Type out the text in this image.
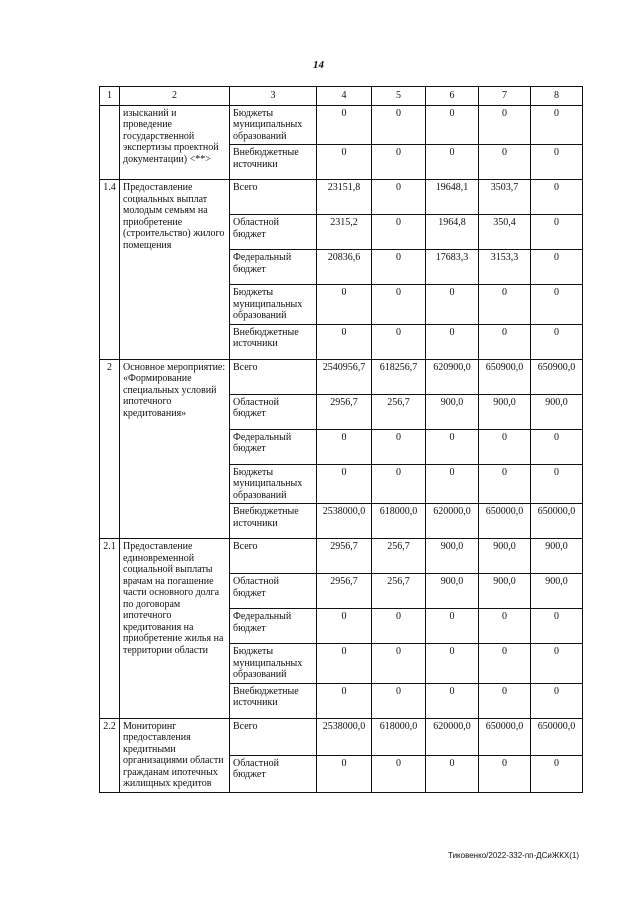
14
1	2	3	4	5	6	7	8
	изысканий и проведение государственной экспертизы проектной документации) <**>	Бюджеты муниципальных образований	0	0	0	0	0
		Внебюджетные источники	0	0	0	0	0
1.4	Предоставление социальных выплат молодым семьям на приобретение (строительство) жилого помещения	Всего	23151,8	0	19648,1	3503,7	0
		Областной бюджет	2315,2	0	1964,8	350,4	0
		Федеральный бюджет	20836,6	0	17683,3	3153,3	0
		Бюджеты муниципальных образований	0	0	0	0	0
		Внебюджетные источники	0	0	0	0	0
2	Основное мероприятие: «Формирование специальных условий ипотечного кредитования»	Всего	2540956,7	618256,7	620900,0	650900,0	650900,0
		Областной бюджет	2956,7	256,7	900,0	900,0	900,0
		Федеральный бюджет	0	0	0	0	0
		Бюджеты муниципальных образований	0	0	0	0	0
		Внебюджетные источники	2538000,0	618000,0	620000,0	650000,0	650000,0
2.1	Предоставление единовременной социальной выплаты врачам на погашение части основного долга по договорам ипотечного кредитования на приобретение жилья на территории области	Всего	2956,7	256,7	900,0	900,0	900,0
		Областной бюджет	2956,7	256,7	900,0	900,0	900,0
		Федеральный бюджет	0	0	0	0	0
		Бюджеты муниципальных образований	0	0	0	0	0
		Внебюджетные источники	0	0	0	0	0
2.2	Мониторинг предоставления кредитными организациями области гражданам ипотечных жилищных кредитов	Всего	2538000,0	618000,0	620000,0	650000,0	650000,0
		Областной бюджет	0	0	0	0	0
Тиковенко/2022-332-пп-ДСиЖКХ(1)
